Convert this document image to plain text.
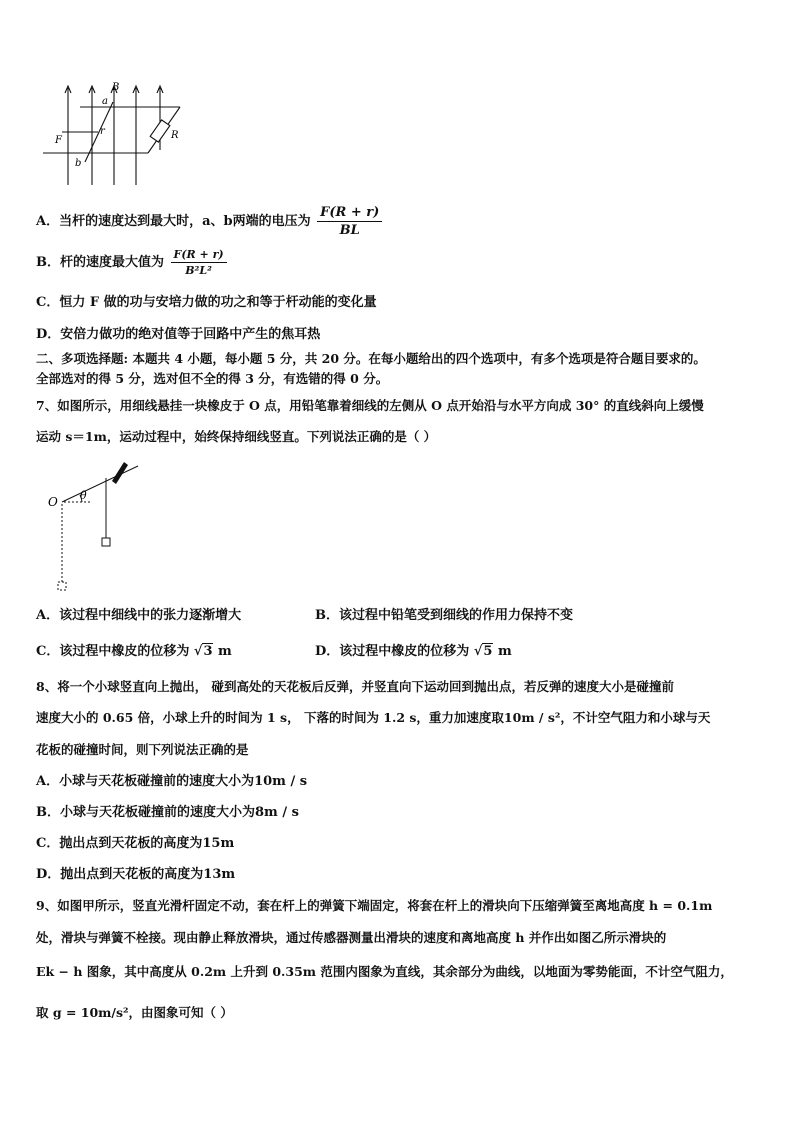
B
a
r	R
F
b
A．当杆的速度达到最大时，a、b两端的电压为 $\frac{F(R + r)}{BL}$
B．杆的速度最大值为 $\frac{F(R + r)}{\text{B²L²}}$
C．恒力 F 做的功与安培力做的功之和等于杆动能的变化量
D．安倍力做功的绝对值等于回路中产生的焦耳热
二、多项选择题: 本题共 4 小题，每小题 5 分，共 20 分。在每小题给出的四个选项中，有多个选项是符合题目要求的。
全部选对的得 5 分，选对但不全的得 3 分，有选错的得 0 分。
7、如图所示，用细线悬挂一块橡皮于 O 点，用铅笔靠着细线的左侧从 O 点开始沿与水平方向成 30° 的直线斜向上缓慢
运动 s＝1m，运动过程中，始终保持细线竖直。下列说法正确的是（ ）
O θ
A．该过程中细线中的张力逐渐增大	B．该过程中铅笔受到细线的作用力保持不变
C．该过程中橡皮的位移为 √3 m	D．该过程中橡皮的位移为 √5 m
8、将一个小球竖直向上抛出， 碰到高处的天花板后反弹，并竖直向下运动回到抛出点，若反弹的速度大小是碰撞前
速度大小的 0.65 倍，小球上升的时间为 1 s， 下落的时间为 1.2 s，重力加速度取10m / s²，不计空气阻力和小球与天
花板的碰撞时间，则下列说法正确的是
A．小球与天花板碰撞前的速度大小为10m / s
B．小球与天花板碰撞前的速度大小为8m / s
C．抛出点到天花板的高度为15m
D．抛出点到天花板的高度为13m
9、如图甲所示，竖直光滑杆固定不动，套在杆上的弹簧下端固定，将套在杆上的滑块向下压缩弹簧至离地高度 h = 0.1m
处，滑块与弹簧不栓接。现由静止释放滑块，通过传感器测量出滑块的速度和离地高度 h 并作出如图乙所示滑块的
Ek − h 图象，其中高度从 0.2m 上升到 0.35m 范围内图象为直线，其余部分为曲线，以地面为零势能面，不计空气阻力，
取 g = 10m/s²，由图象可知（ ）
